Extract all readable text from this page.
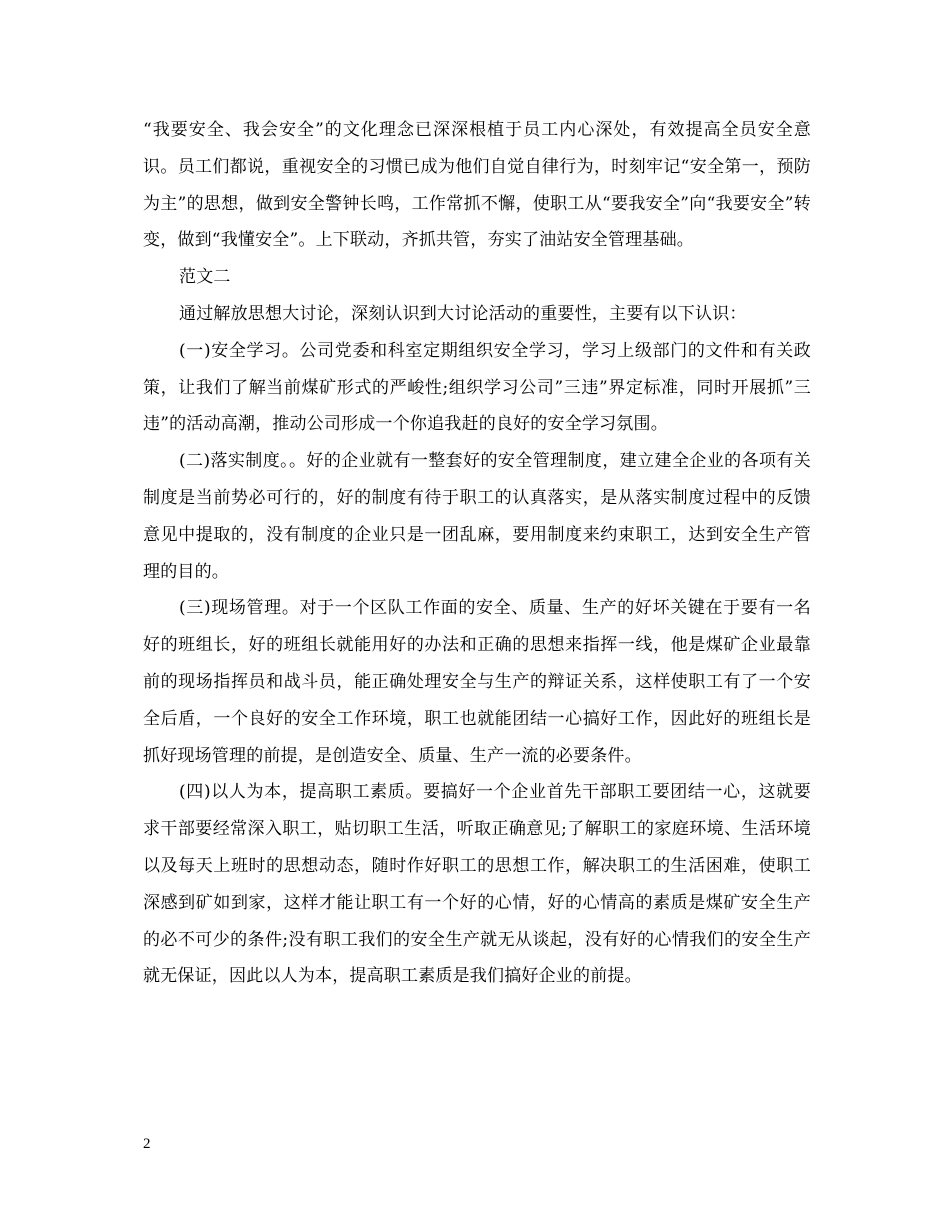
“我要安全、我会安全”的文化理念已深深根植于员工内心深处，有效提高全员安全意识。员工们都说，重视安全的习惯已成为他们自觉自律行为，时刻牢记“安全第一，预防为主”的思想，做到安全警钟长鸣，工作常抓不懈，使职工从“要我安全”向“我要安全”转变，做到“我懂安全”。上下联动，齐抓共管，夯实了油站安全管理基础。

范文二

通过解放思想大讨论，深刻认识到大讨论活动的重要性，主要有以下认识：

(一)安全学习。公司党委和科室定期组织安全学习，学习上级部门的文件和有关政策，让我们了解当前煤矿形式的严峻性;组织学习公司”三违”界定标准，同时开展抓”三违”的活动高潮，推动公司形成一个你追我赶的良好的安全学习氛围。

(二)落实制度。。好的企业就有一整套好的安全管理制度，建立建全企业的各项有关制度是当前势必可行的，好的制度有待于职工的认真落实，是从落实制度过程中的反馈意见中提取的，没有制度的企业只是一团乱麻，要用制度来约束职工，达到安全生产管理的目的。

(三)现场管理。对于一个区队工作面的安全、质量、生产的好坏关键在于要有一名好的班组长，好的班组长就能用好的办法和正确的思想来指挥一线，他是煤矿企业最靠前的现场指挥员和战斗员，能正确处理安全与生产的辩证关系，这样使职工有了一个安全后盾，一个良好的安全工作环境，职工也就能团结一心搞好工作，因此好的班组长是抓好现场管理的前提，是创造安全、质量、生产一流的必要条件。

(四)以人为本，提高职工素质。要搞好一个企业首先干部职工要团结一心，这就要求干部要经常深入职工，贴切职工生活，听取正确意见;了解职工的家庭环境、生活环境以及每天上班时的思想动态，随时作好职工的思想工作，解决职工的生活困难，使职工深感到矿如到家，这样才能让职工有一个好的心情，好的心情高的素质是煤矿安全生产的必不可少的条件;没有职工我们的安全生产就无从谈起，没有好的心情我们的安全生产就无保证，因此以人为本，提高职工素质是我们搞好企业的前提。

2
